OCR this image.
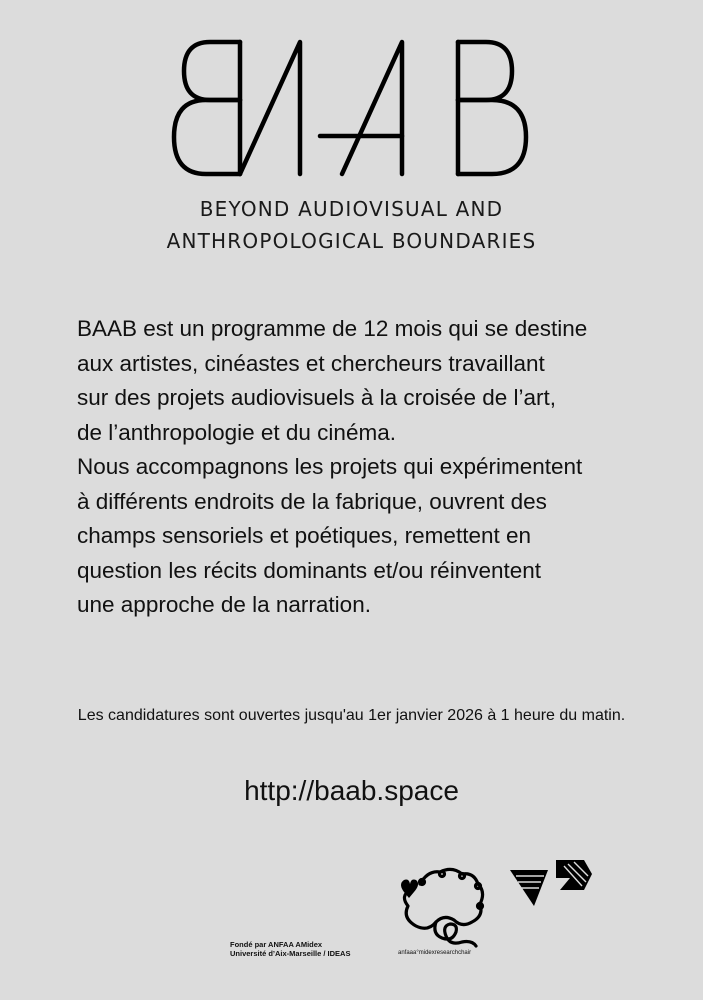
BEYOND AUDIOVISUAL AND
ANTHROPOLOGICAL BOUNDARIES

BAAB est un programme de 12 mois qui se destine

aux artistes, cinéastes et chercheurs travaillant

sur des projets audiovisuels à la croisée de l’art,

de l’anthropologie et du cinéma.

Nous accompagnons les projets qui expérimentent

à différents endroits de la fabrique, ouvrent des

champs sensoriels et poétiques, remettent en

question les récits dominants et/ou réinventent

une approche de la narration.

Les candidatures sont ouvertes jusqu'au 1er janvier 2026 à 1 heure du matin.
http://baab.space
Fondé par ANFAA AMidex
Université d’Aix-Marseille / IDEAS	anfaaa°midexresearchchair
